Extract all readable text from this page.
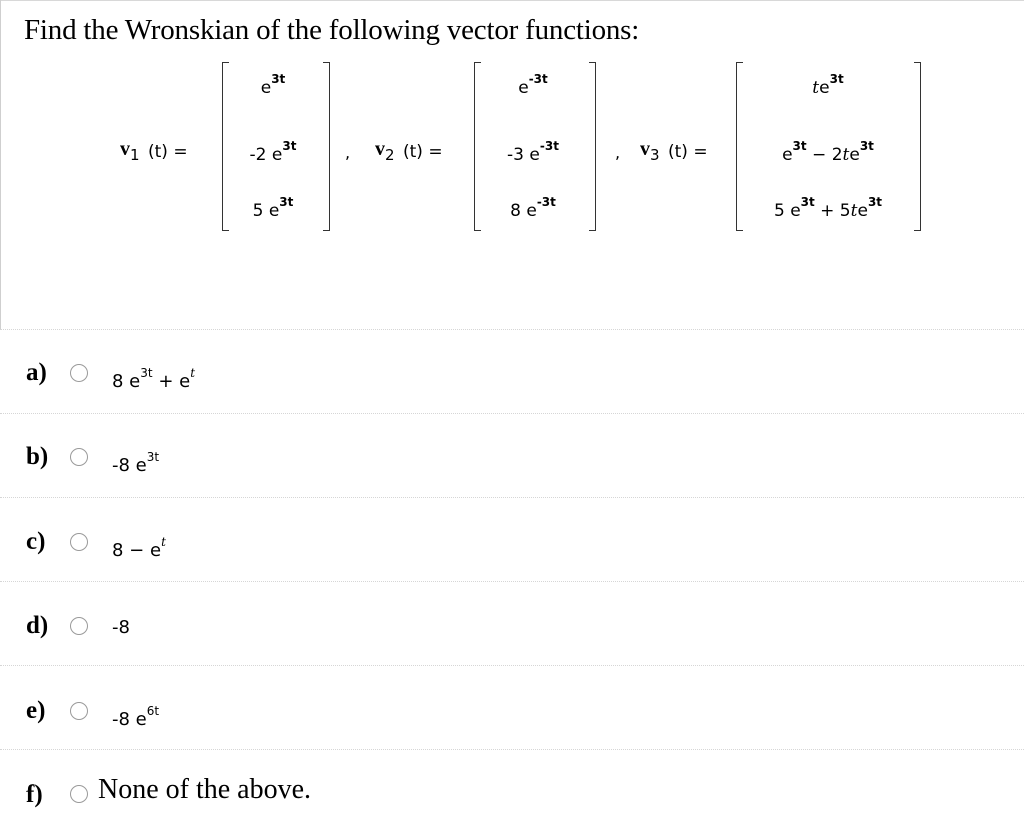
Find the Wronskian of the following vector functions:
$v_1$ (t) =
$e^{3t}$
-2 $e^{3t}$
5 $e^{3t}$
, $v_2$ (t) =
$e^{-3t}$
-3 $e^{-3t}$
8 $e^{-3t}$
, $v_3$ (t) =
$te^{3t}$
$e^{3t} - 2te^{3t}$
5 $e^{3t} + 5te^{3t}$
a)	8 $e^{3t} + e^t$
b)	-8 $e^{3t}$
c)	$8 - e^t$
d)	-8
e)	-8 $e^{6t}$
f) None of the above.
